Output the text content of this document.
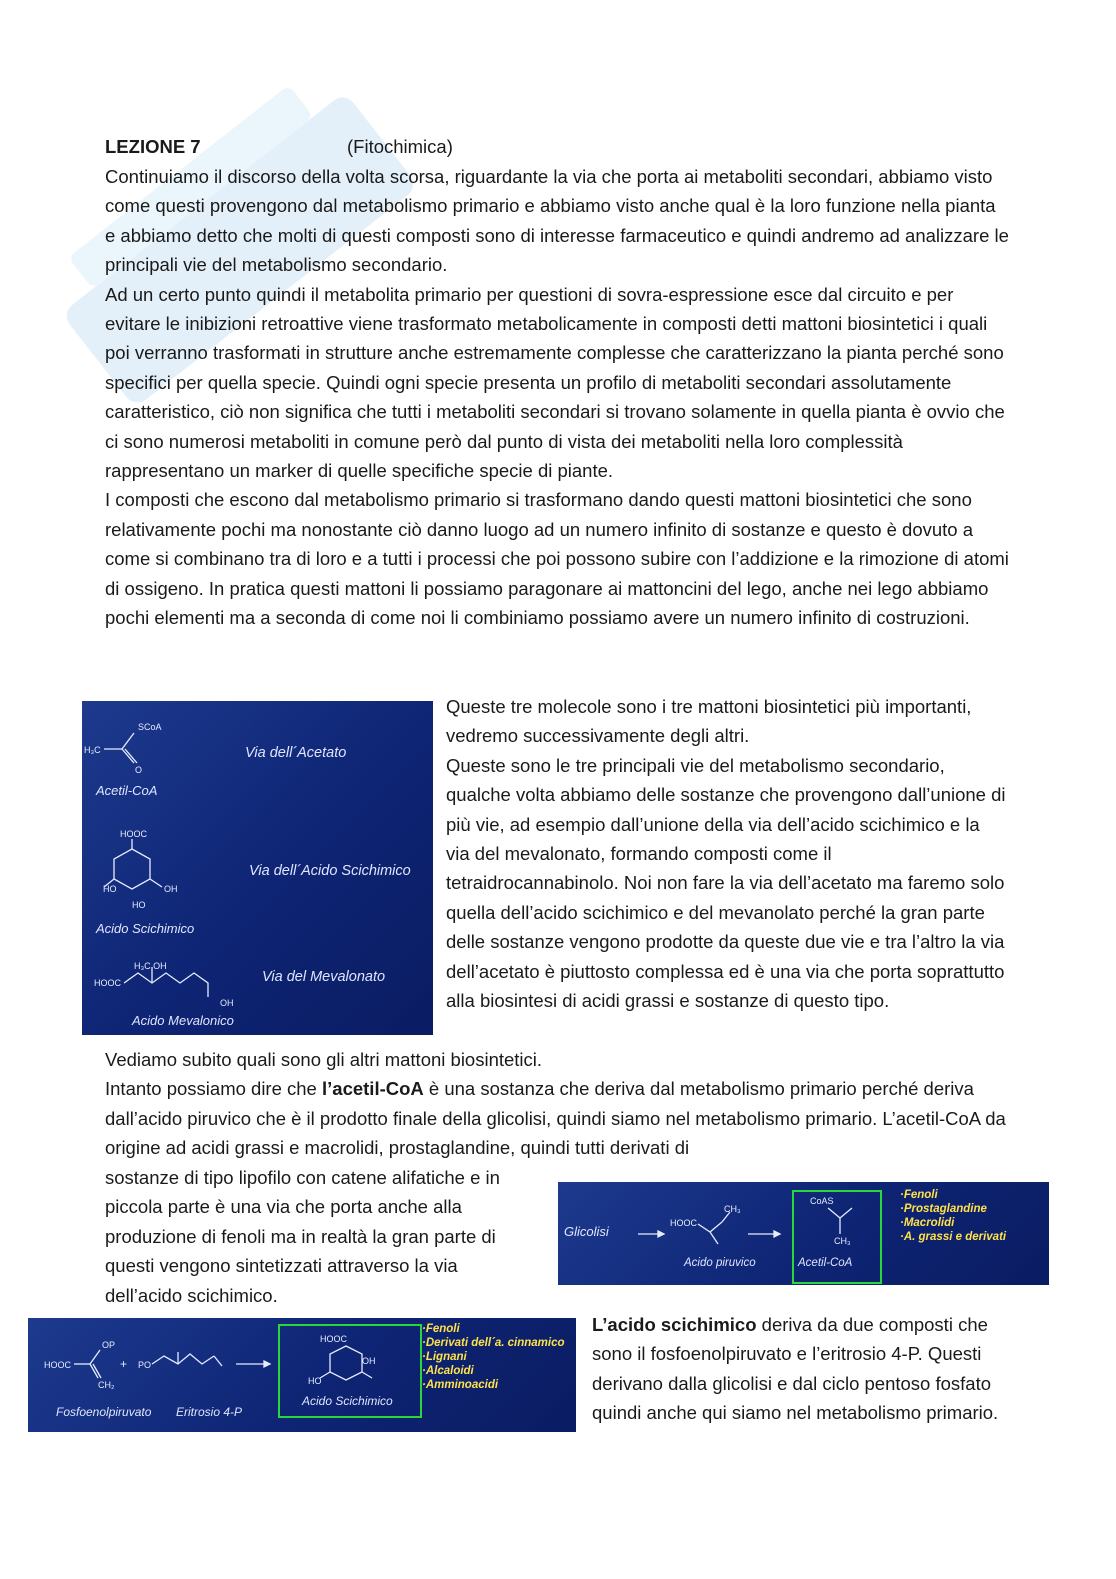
LEZIONE 7	(Fitochimica)
Continuiamo il discorso della volta scorsa, riguardante la via che porta ai metaboliti secondari, abbiamo visto come questi provengono dal metabolismo primario e abbiamo visto anche qual è la loro funzione nella pianta e abbiamo detto che molti di questi composti sono di interesse farmaceutico e quindi andremo ad analizzare le principali vie del metabolismo secondario.
Ad un certo punto quindi il metabolita primario per questioni di sovra-espressione esce dal circuito e per evitare le inibizioni retroattive viene trasformato metabolicamente in composti detti mattoni biosintetici i quali poi verranno trasformati in strutture anche estremamente complesse che caratterizzano la pianta perché sono specifici per quella specie. Quindi ogni specie presenta un profilo di metaboliti secondari assolutamente caratteristico, ciò non significa che tutti i metaboliti secondari si trovano solamente in quella pianta è ovvio che ci sono numerosi metaboliti in comune però dal punto di vista dei metaboliti nella loro complessità rappresentano un marker di quelle specifiche specie di piante.
I composti che escono dal metabolismo primario si trasformano dando questi mattoni biosintetici che sono relativamente pochi ma nonostante ciò danno luogo ad un numero infinito di sostanze e questo è dovuto a come si combinano tra di loro e a tutti i processi che poi possono subire con l’addizione e la rimozione di atomi di ossigeno. In pratica questi mattoni li possiamo paragonare ai mattoncini del lego, anche nei lego abbiamo pochi elementi ma a seconda di come noi li combiniamo possiamo avere un numero infinito di costruzioni.
SCoA
H₃C
O
HOOC
HO	OH
HO
H₃C OH
HOOC
OH
Via dell´Acetato
Acetil-CoA
Via dell´Acido Scichimico
Acido Scichimico
Via del Mevalonato
Acido Mevalonico
Queste tre molecole sono i tre mattoni biosintetici più importanti, vedremo successivamente degli altri.
Queste sono le tre principali vie del metabolismo secondario, qualche volta abbiamo delle sostanze che provengono dall’unione di più vie, ad esempio dall’unione della via dell’acido scichimico e la via del mevalonato, formando composti come il tetraidrocannabinolo. Noi non fare la via dell’acetato ma faremo solo quella dell’acido scichimico e del mevanolato perché la gran parte delle sostanze vengono prodotte da queste due vie e tra l’altro la via dell’acetato è piuttosto complessa ed è una via che porta soprattutto alla biosintesi di acidi grassi e sostanze di questo tipo.
Vediamo subito quali sono gli altri mattoni biosintetici.
Intanto possiamo dire che l’acetil-CoA è una sostanza che deriva dal metabolismo primario perché deriva dall’acido piruvico che è il prodotto finale della glicolisi, quindi siamo nel metabolismo primario. L’acetil-CoA da origine ad acidi grassi e macrolidi, prostaglandine, quindi tutti derivati di
sostanze di tipo lipofilo con catene alifatiche e in piccola parte è una via che porta anche alla produzione di fenoli ma in realtà la gran parte di questi vengono sintetizzati attraverso la via dell’acido scichimico.
HOOC
CH₃
CoAS
CH₃
Glicolisi
Acido piruvico	Acetil-CoA
·Fenoli
·Prostaglandine
·Macrolidi
·A. grassi e derivati
HOOC
OP
CH₂
+ PO
HOOC
HO
OH
Fosfoenolpiruvato Eritrosio 4-P
Acido Scichimico
·Fenoli
·Derivati dell´a. cinnamico
·Lignani
·Alcaloidi
·Amminoacidi
L’acido scichimico deriva da due composti che sono il fosfoenolpiruvato e l’eritrosio 4-P. Questi derivano dalla glicolisi e dal ciclo pentoso fosfato quindi anche qui siamo nel metabolismo primario.
